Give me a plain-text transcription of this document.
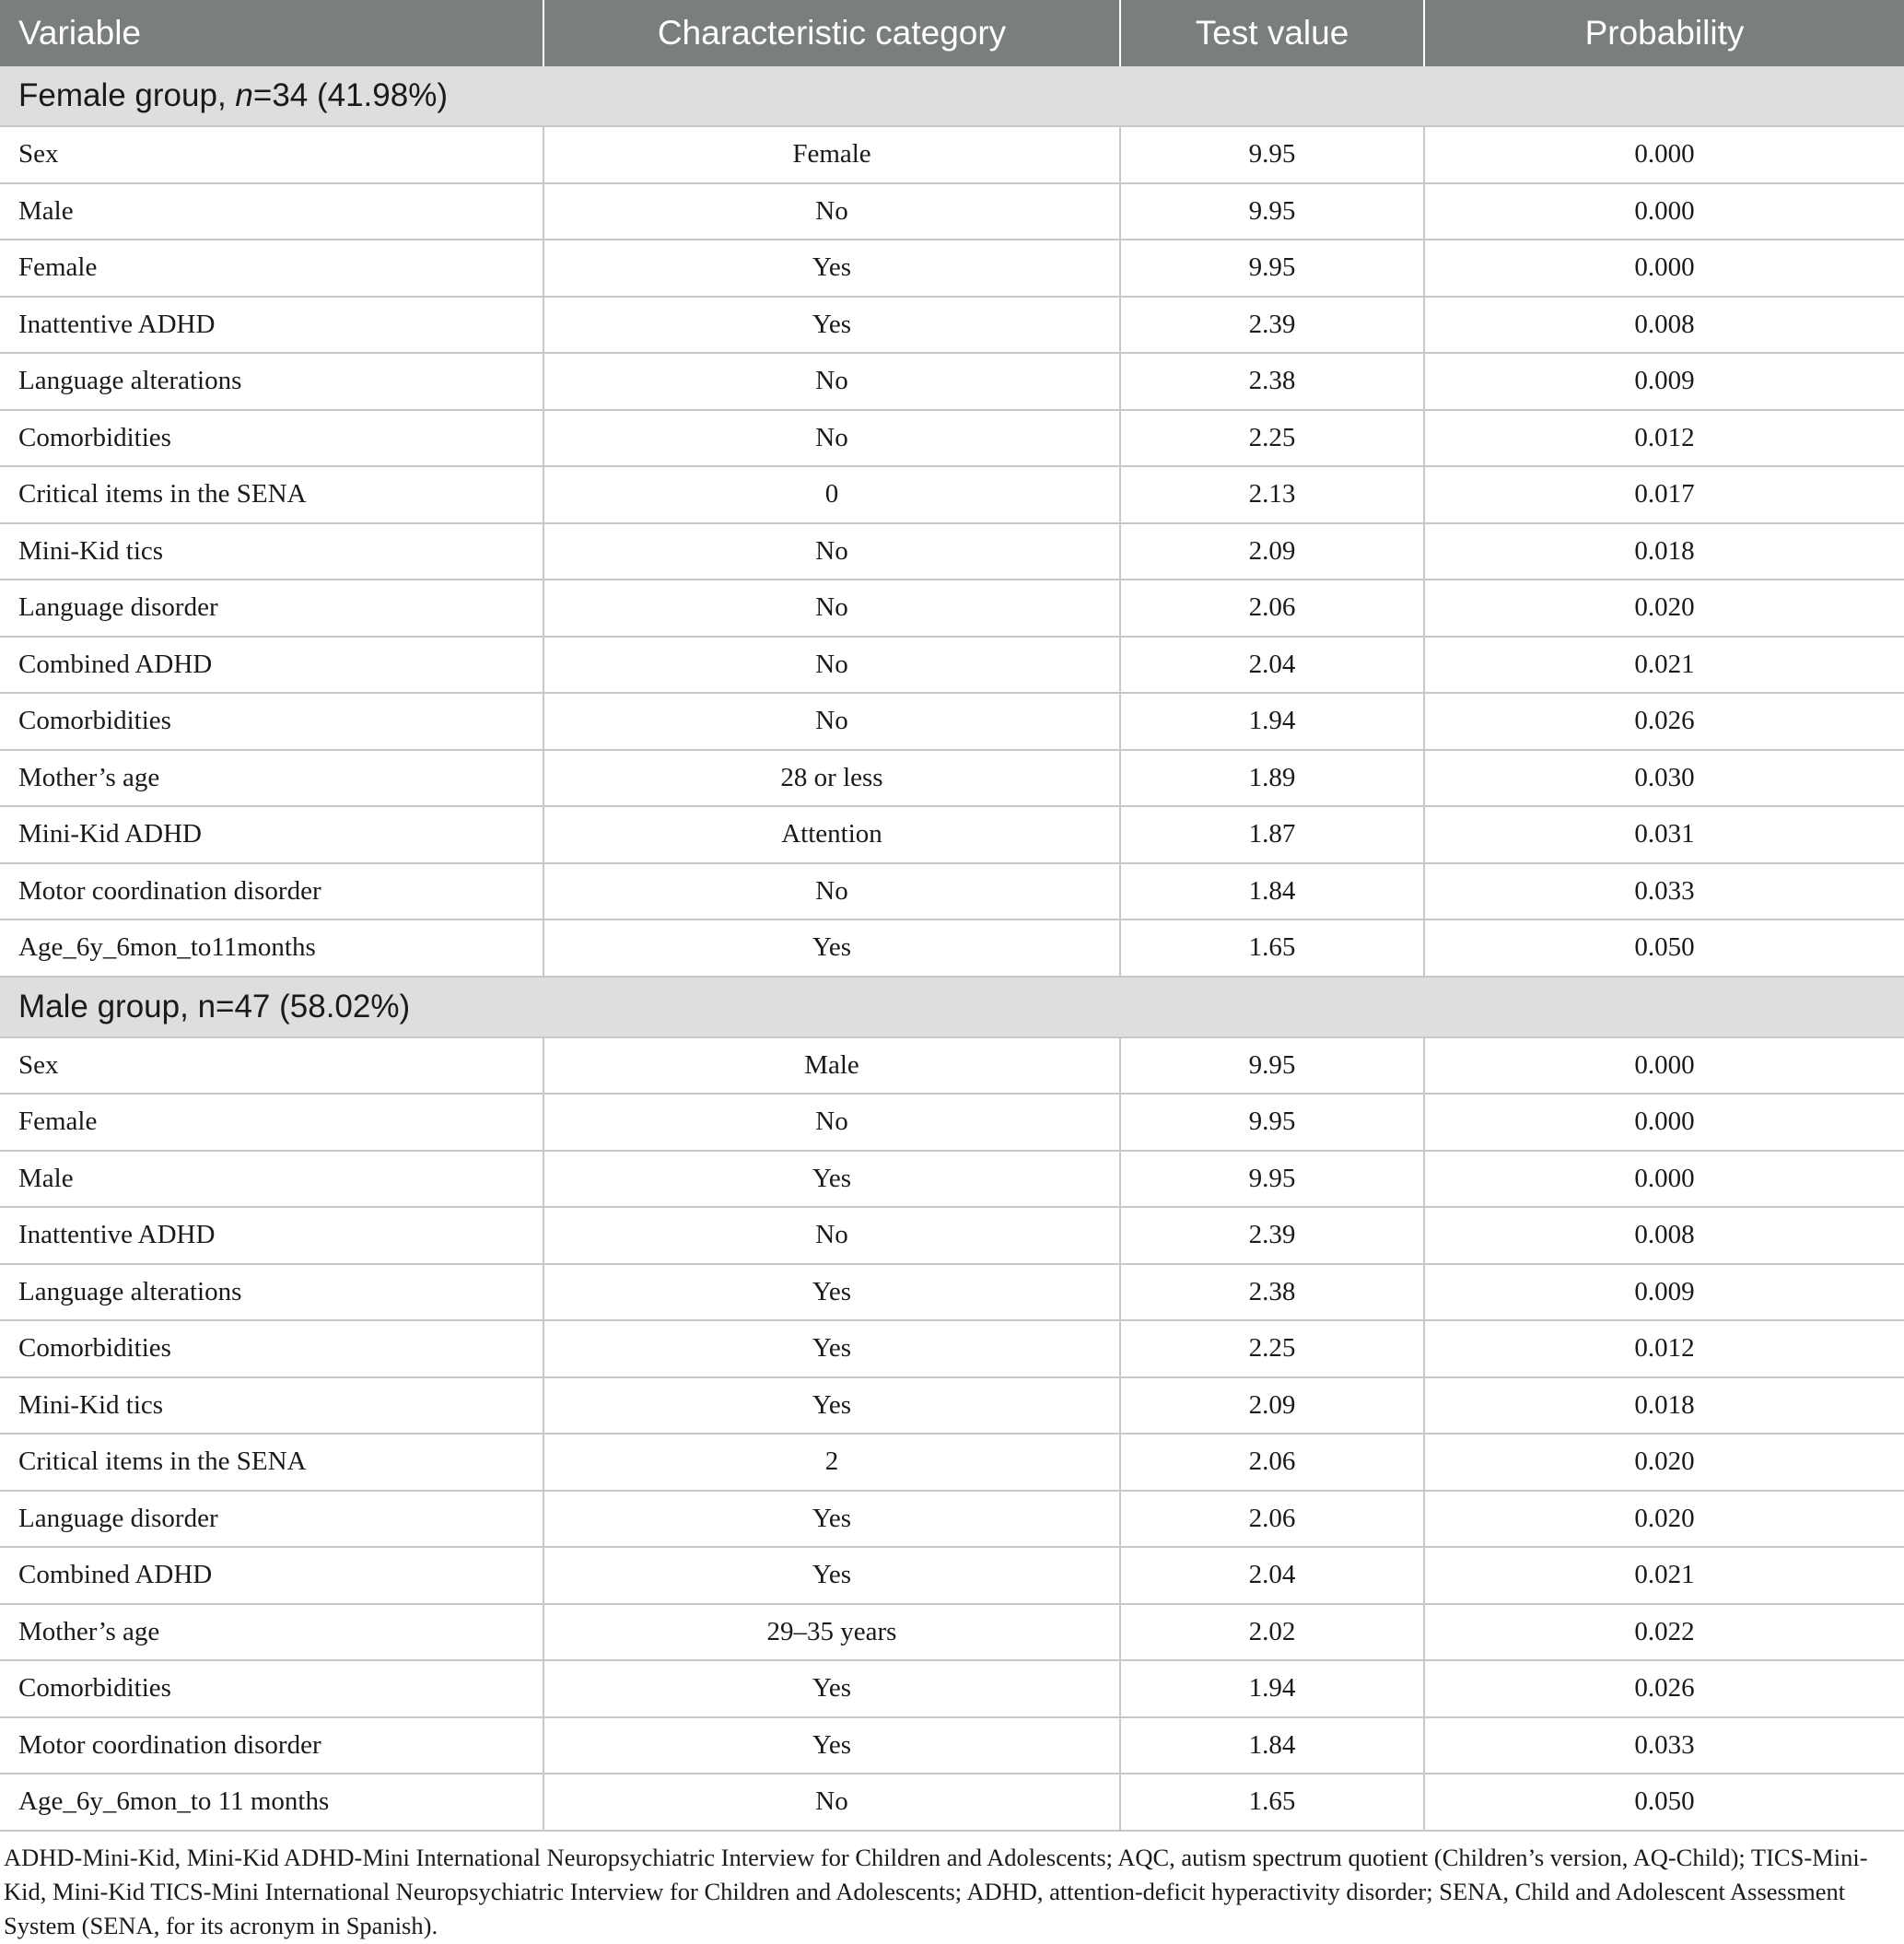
Variable	Characteristic category	Test value	Probability
Female group, n=34 (41.98%)			
Sex	Female	9.95	0.000
Male	No	9.95	0.000
Female	Yes	9.95	0.000
Inattentive ADHD	Yes	2.39	0.008
Language alterations	No	2.38	0.009
Comorbidities	No	2.25	0.012
Critical items in the SENA	0	2.13	0.017
Mini-Kid tics	No	2.09	0.018
Language disorder	No	2.06	0.020
Combined ADHD	No	2.04	0.021
Comorbidities	No	1.94	0.026
Mother’s age	28 or less	1.89	0.030
Mini-Kid ADHD	Attention	1.87	0.031
Motor coordination disorder	No	1.84	0.033
Age_6y_6mon_to11months	Yes	1.65	0.050
Male group, n=47 (58.02%)			
Sex	Male	9.95	0.000
Female	No	9.95	0.000
Male	Yes	9.95	0.000
Inattentive ADHD	No	2.39	0.008
Language alterations	Yes	2.38	0.009
Comorbidities	Yes	2.25	0.012
Mini-Kid tics	Yes	2.09	0.018
Critical items in the SENA	2	2.06	0.020
Language disorder	Yes	2.06	0.020
Combined ADHD	Yes	2.04	0.021
Mother’s age	29–35 years	2.02	0.022
Comorbidities	Yes	1.94	0.026
Motor coordination disorder	Yes	1.84	0.033
Age_6y_6mon_to 11 months	No	1.65	0.050
ADHD-Mini-Kid, Mini-Kid ADHD-Mini International Neuropsychiatric Interview for Children and Adolescents; AQC, autism spectrum quotient (Children’s version, AQ-Child); TICS-Mini-Kid, Mini-Kid TICS-Mini International Neuropsychiatric Interview for Children and Adolescents; ADHD, attention-deficit hyperactivity disorder; SENA, Child and Adolescent Assessment System (SENA, for its acronym in Spanish).
